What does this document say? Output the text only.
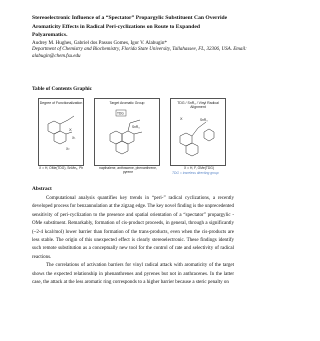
Stereoelectronic Influence of a “Spectator” Propargylic Substituent Can Override Aromaticity Effects in Radical Peri-cyclizations on Route to Expanded Polyaromatics.
Audrey M. Hughes, Gabriel dos Passos Gomes, Igor V. Alabugin*
Department of Chemistry and Biochemistry, Florida State University, Tallahassee, FL, 32306, USA. Email: alabugin@chem.fsu.edu
Table of Contents Graphic
Degree of Functionalization
X
X¹
X²
X = H, OMe(TDG), SnMe₃, Ph
Target Aromatic Group
TDG
SnR₃
napthalene, anthracene, phenanthrene, pyrene
TDG / SnR₃ / Vinyl Radical Alignment
X	SnR₃
X = H, F, OMe(TDG)
TDG = traceless directing group
Abstract

Computational analysis quantifies key trends in “peri-” radical cyclizations, a recently developed process for benzannulation at the zigzag edge. The key novel finding is the unprecedented sensitivity of peri-cyclization to the presence and spatial orientation of a “spectator” propargylic -OMe substituent. Remarkably, formation of cis-product proceeds, in general, through a significantly (~2-4 kcal/mol) lower barrier than formation of the trans-products, even when the cis-products are less stable. The origin of this unexpected effect is clearly stereoelectronic. These findings identify such remote substitution as a conceptually new tool for the control of rate and selectivity of radical reactions.

The correlations of activation barriers for vinyl radical attack with aromaticity of the target shows the expected relationship in phenanthrenes and pyrenes but not in anthracenes. In the latter case, the attack at the less aromatic ring corresponds to a higher barrier because a steric penalty on
